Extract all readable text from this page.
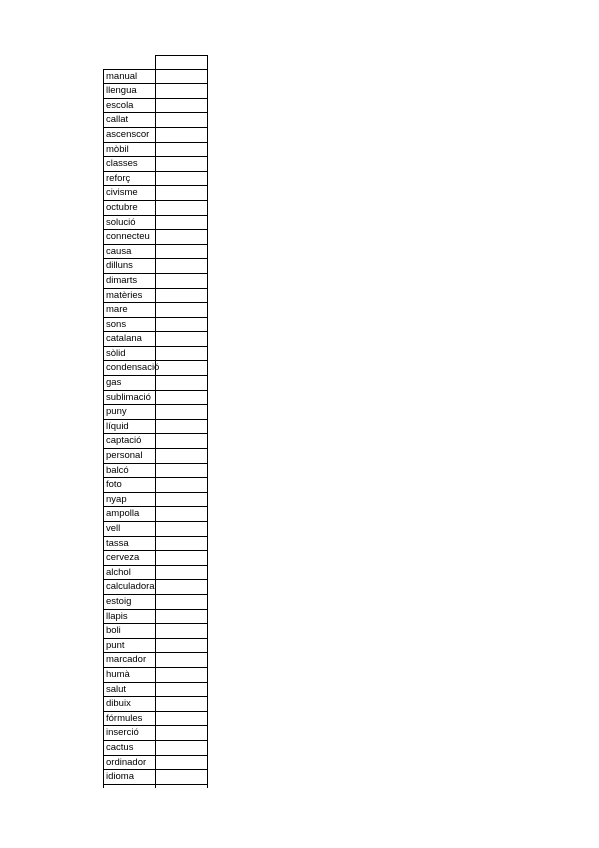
manual	
llengua	
escola	
callat	
ascenscor	
mòbil	
classes	
reforç	
civisme	
octubre	
solució	
connecteu	
causa	
dilluns	
dimarts	
matèries	
mare	
sons	
catalana	
sòlid	
condensació	
gas	
sublimació	
puny	
líquid	
captació	
personal	
balcó	
foto	
nyap	
ampolla	
vell	
tassa	
cerveza	
alchol	
calculadora	
estoig	
llapis	
boli	
punt	
marcador	
humà	
salut	
dibuix	
fórmules	
inserció	
cactus	
ordinador	
idioma	
